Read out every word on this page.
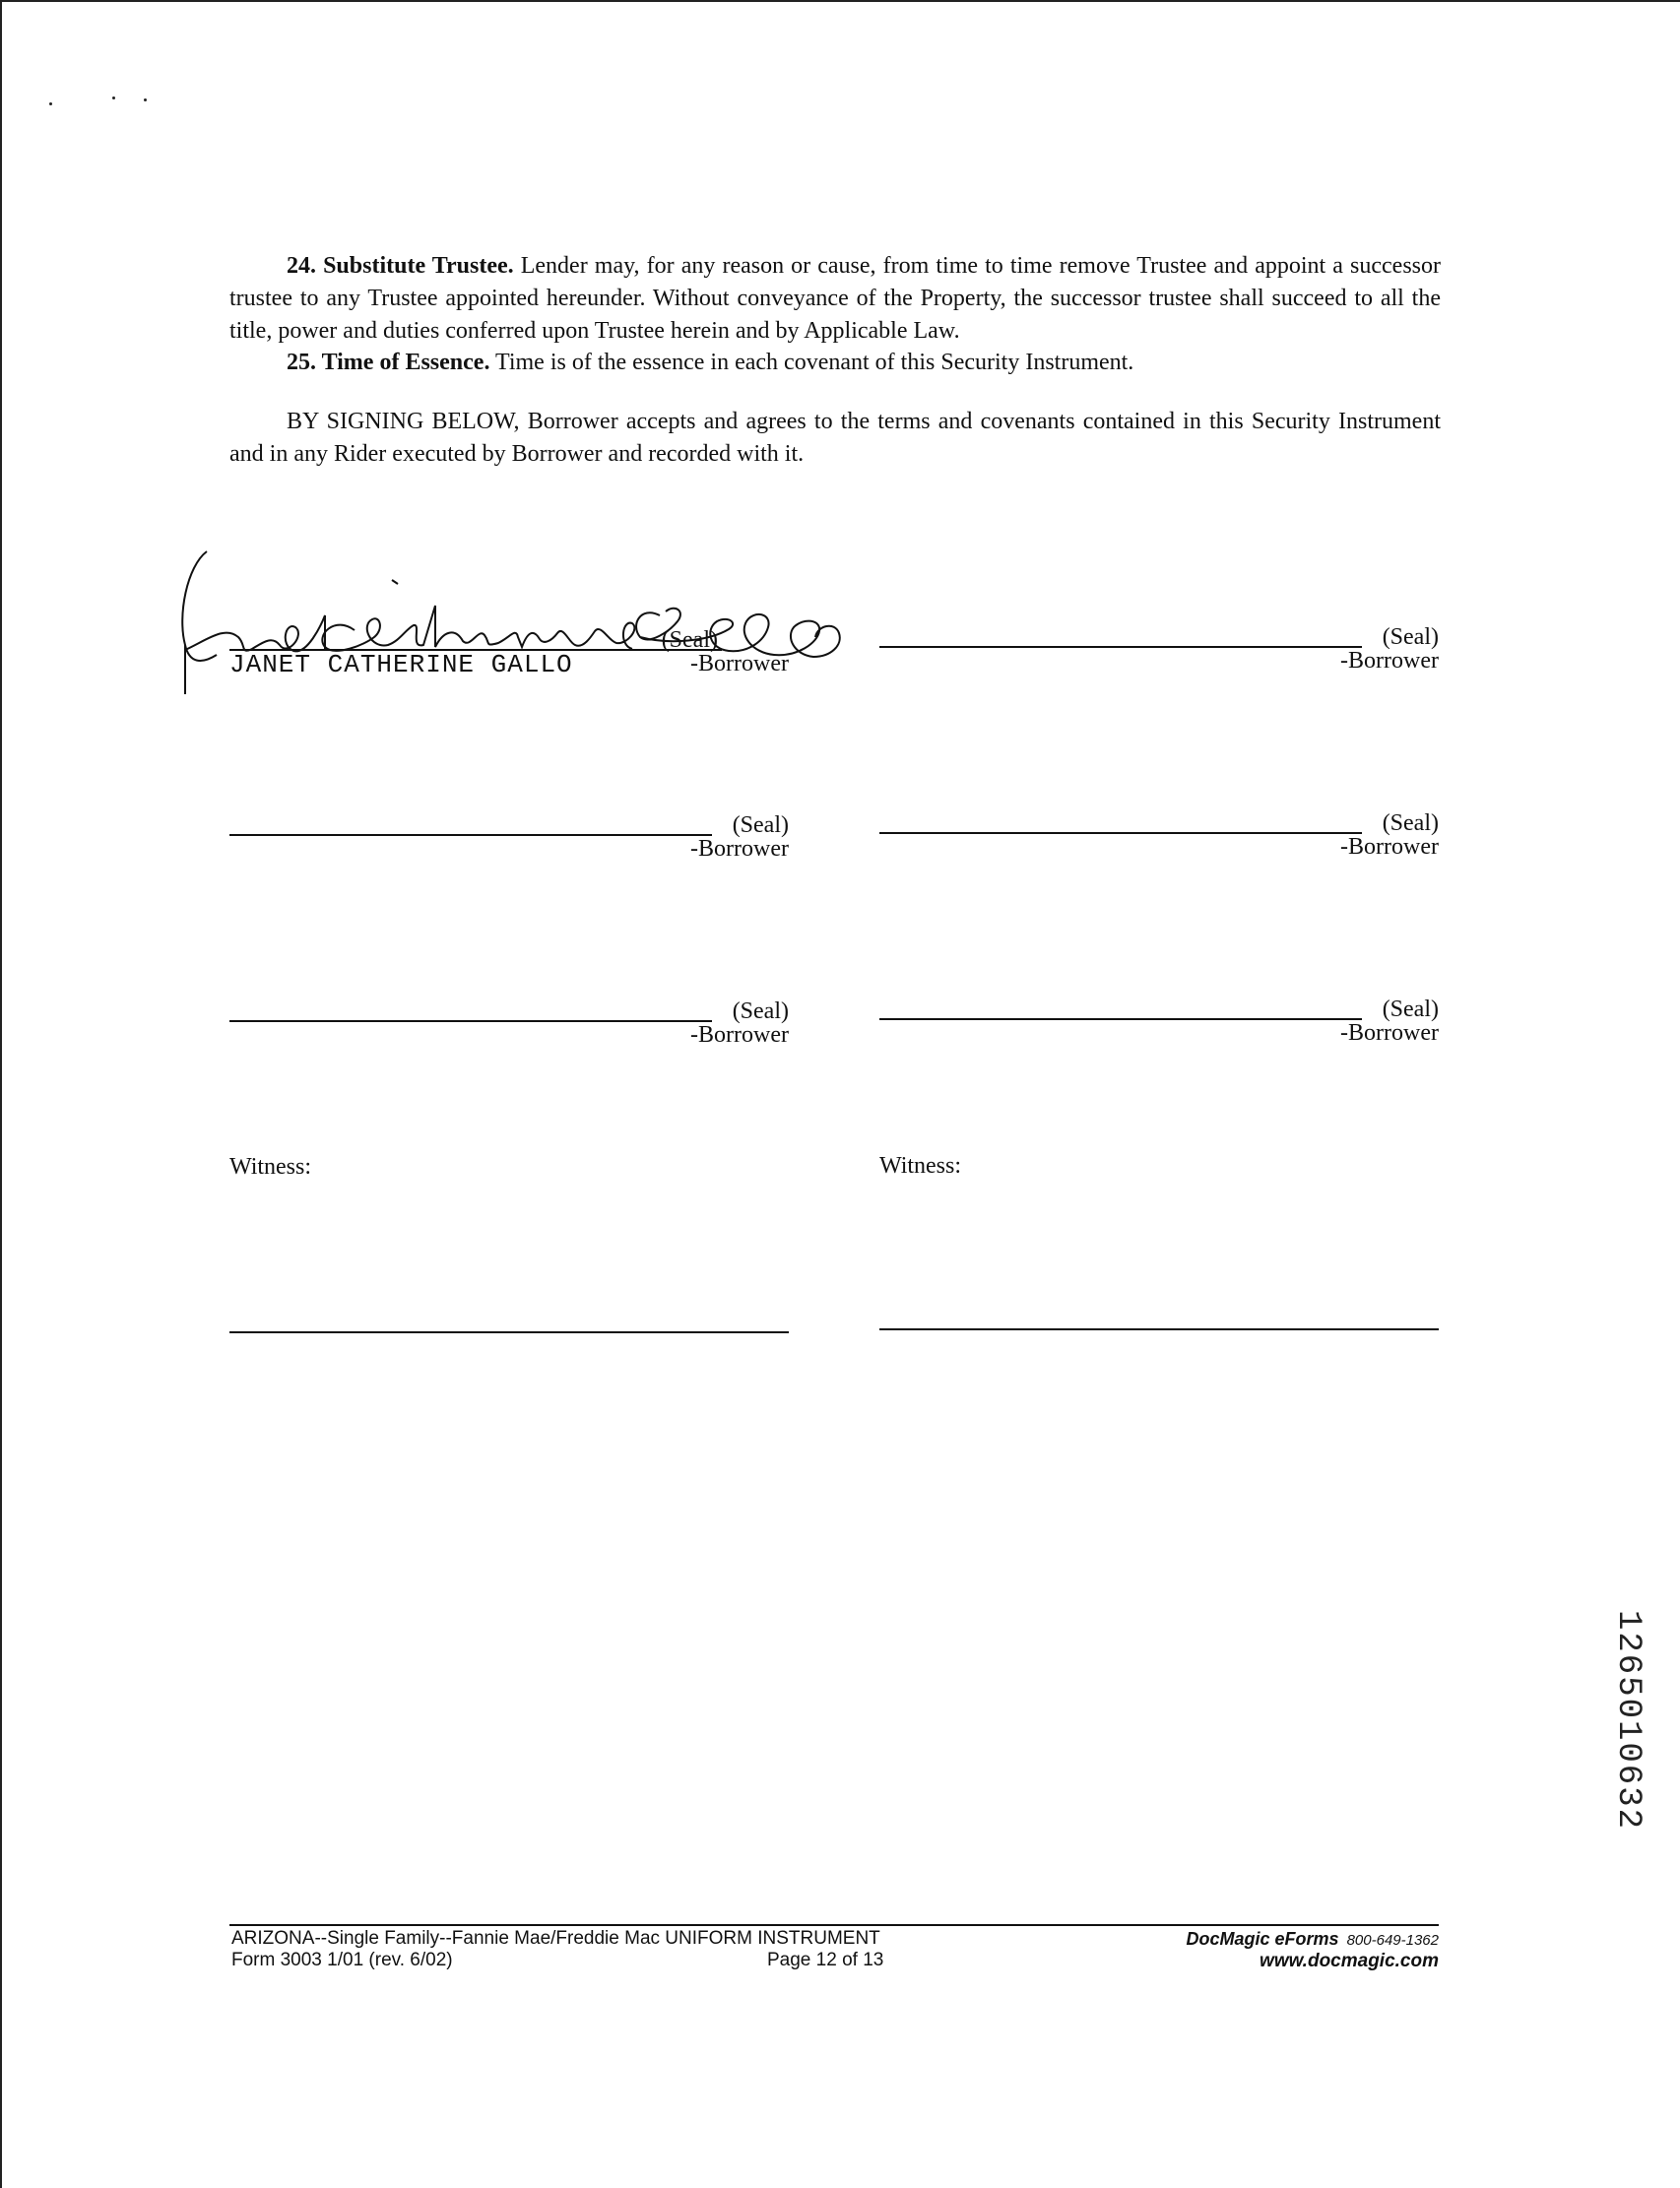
24. Substitute Trustee. Lender may, for any reason or cause, from time to time remove Trustee and appoint a successor trustee to any Trustee appointed hereunder. Without conveyance of the Property, the successor trustee shall succeed to all the title, power and duties conferred upon Trustee herein and by Applicable Law.
25. Time of Essence. Time is of the essence in each covenant of this Security Instrument.
BY SIGNING BELOW, Borrower accepts and agrees to the terms and covenants contained in this Security Instrument and in any Rider executed by Borrower and recorded with it.
(Seal)
-Borrower
JANET CATHERINE GALLO
(Seal)
-Borrower
(Seal)
-Borrower
(Seal)
-Borrower
(Seal)
-Borrower
(Seal)
-Borrower
Witness:	Witness:
1265010632
ARIZONA--Single Family--Fannie Mae/Freddie Mac UNIFORM INSTRUMENT
Form 3003 1/01 (rev. 6/02)	Page 12 of 13
DocMagic eForms 800-649-1362
www.docmagic.com
